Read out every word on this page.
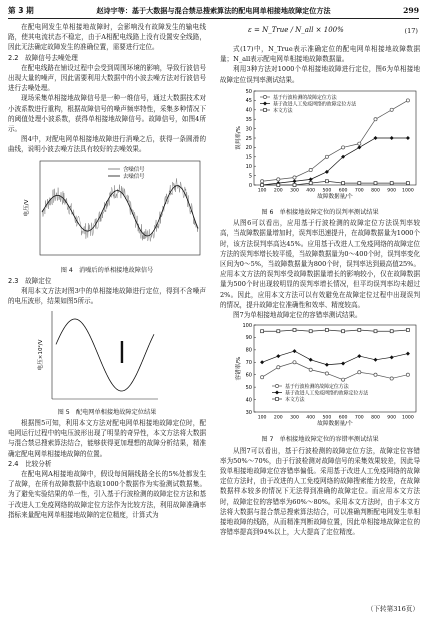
第 3 期	赵诗宇等：基于大数据与混合禁忌搜索算法的配电网单相接地故障定位方法	299

在配电网发生单相接地故障时，会影响没有故障发生的输电线路，使其电流状态不稳定，由于A相配电线路上没有设置安全线路，因此无法确定故障发生的准确位置，需要进行定位。

2.2　故障信号去噪处理

在配电线路在铺设过程中会受到周围环境的影响，导致行波信号出现大量的噪声，因此需要利用大数据中的小波去噪方法对行波信号进行去噪处理。

现场采集单相接地故障信号是一种一维信号，通过大数据技术对小波系数进行重构，根据故障信号的噪声频率特性，采集多种情况下的阈值处理小波系数，获得单相接地故障信号。故障信号，如图4所示。

图4中，对配电网单相接地故障进行消噪之后，获得一条圆滑的曲线，说明小波去噪方法具有较好的去噪效果。

电压/V
含噪信号
去噪信号

图 4　消噪后的单相接地故障信号

2.3　故障定位

利用本文方法对图3中的单相接地故障进行定位，得到不含噪声的电压波形，结果如图5所示。

电压×10²/V

图 5　配电网单相接地故障定位结果

根据图5可知，利用本文方法对配电网单相接地故障定位时，配电网运行过程中的电压波形出现了明显的奇异性，本文方法将大数据与混合禁忌搜索算法结合，能够获得更加理想的故障分析结果，精准确定配电网单相接地故障的位置。

2.4　比较分析

在配电网A相接地故障中，假设每间隔线路全长的5%处都发生了故障，在所有故障数据中选取1000个数据作为实验测试数据集。为了避免实验结果的单一性，引入基于行波检测的故障定位方法和基于改进人工免疫网络的故障定位方法作为比较方法，利用故障准确率指标来量配电网单相接地故障的定位精度，计算式为

ε = N_True / N_all × 100%	(17)

式(17)中，N_True表示准确定位的配电网单相接地故障数据量；N_all表示配电网单相接地故障数据量。

利用3种方法对1000个单相接地故障进行定位，图6为单相接地故障定位误判率测试结果。

0
5
10
15
20
25
30
35
40
45
50
100 200 300 400 500 600 700 800 900 1000
故障数据量/个
误判率/%
基于行波检测的故障定位方法
基于改进人工免疫网络的故障定位方法
本文方法

图 6　单相接地故障定位的误判率测试结果

从图6可以看出，应用基于行波检测的故障定位方法误判率较高，当故障数据量增加时，误判率迅速提升，在故障数据量为1000个时，该方法误判率高达45%。应用基于改进人工免疫网络的故障定位方法的误判率增长较平缓，当故障数据量为0～400个时，误判率变化区间为0～5%，当故障数据量为800个时，误判率达到最高值25%。应用本文方法的误判率受故障数据量增长的影响较小，仅在故障数据量为500个时出现较明显的误判率增长情况，但平均误判率均未超过2%。因此，应用本文方法可以有效避免在故障定位过程中出现误判的情况，提升故障定位准确性和效率、精度较高。

图7为单相接地故障定位的容错率测试结果。

30
40
50
60
70
80
90
100
100 200 300 400 500 600 700 800 900 1000
故障数据量/个
容错率/%
基于行波检测的故障定位方法
基于改进人工免疫网络的故障定位方法
本文方法

图 7　单相接地故障定位的容错率测试结果

从图7可以看出，基于行波检测的故障定位方法，故障定位容错率为50%～70%，由于行波检测对故障信号的采集效果较差，因此导致单相接地故障定位容错率偏低。采用基于改进人工免疫网络的故障定位方法时，由于改进的人工免疫网络的故障搜索能力较差，在故障数据样本较多的情况下无法得到准确的故障定位。而应用本文方法时，故障定位的容错率为60%～80%。采用本文方法时，由于本文方法将大数据与混合禁忌搜索算法结合，可以准确判断配电网发生单相接地故障的线路，从而精准判断故障位置，因此单相接地故障定位的容错率提高到94%以上，大大提高了定位精度。

（下转第316页）
